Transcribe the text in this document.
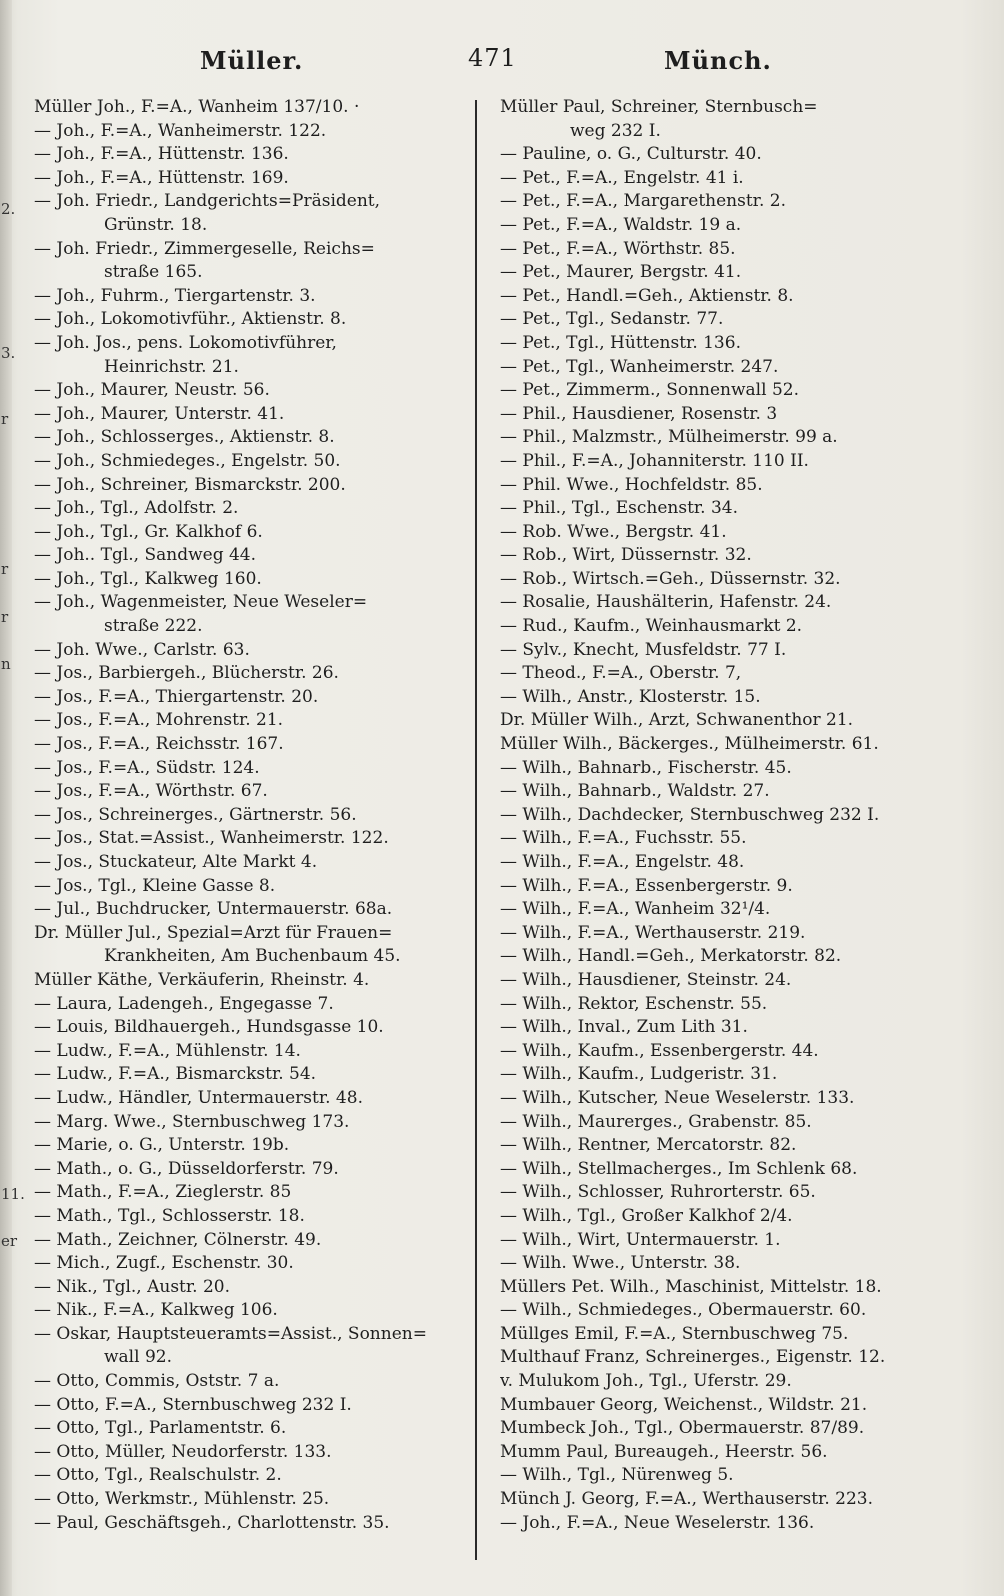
2.
3.
r
r
r
n
11.
er
Müller.	471	Münch.
Müller Joh., F.=A., Wanheim 137/10. ·
— Joh., F.=A., Wanheimerstr. 122.
— Joh., F.=A., Hüttenstr. 136.
— Joh., F.=A., Hüttenstr. 169.
— Joh. Friedr., Landgerichts=Präsident,
Grünstr. 18.
— Joh. Friedr., Zimmergeselle, Reichs=
straße 165.
— Joh., Fuhrm., Tiergartenstr. 3.
— Joh., Lokomotivführ., Aktienstr. 8.
— Joh. Jos., pens. Lokomotivführer,
Heinrichstr. 21.
— Joh., Maurer, Neustr. 56.
— Joh., Maurer, Unterstr. 41.
— Joh., Schlosserges., Aktienstr. 8.
— Joh., Schmiedeges., Engelstr. 50.
— Joh., Schreiner, Bismarckstr. 200.
— Joh., Tgl., Adolfstr. 2.
— Joh., Tgl., Gr. Kalkhof 6.
— Joh.. Tgl., Sandweg 44.
— Joh., Tgl., Kalkweg 160.
— Joh., Wagenmeister, Neue Weseler=
straße 222.
— Joh. Wwe., Carlstr. 63.
— Jos., Barbiergeh., Blücherstr. 26.
— Jos., F.=A., Thiergartenstr. 20.
— Jos., F.=A., Mohrenstr. 21.
— Jos., F.=A., Reichsstr. 167.
— Jos., F.=A., Südstr. 124.
— Jos., F.=A., Wörthstr. 67.
— Jos., Schreinerges., Gärtnerstr. 56.
— Jos., Stat.=Assist., Wanheimerstr. 122.
— Jos., Stuckateur, Alte Markt 4.
— Jos., Tgl., Kleine Gasse 8.
— Jul., Buchdrucker, Untermauerstr. 68a.
Dr. Müller Jul., Spezial=Arzt für Frauen=
Krankheiten, Am Buchenbaum 45.
Müller Käthe, Verkäuferin, Rheinstr. 4.
— Laura, Ladengeh., Engegasse 7.
— Louis, Bildhauergeh., Hundsgasse 10.
— Ludw., F.=A., Mühlenstr. 14.
— Ludw., F.=A., Bismarckstr. 54.
— Ludw., Händler, Untermauerstr. 48.
— Marg. Wwe., Sternbuschweg 173.
— Marie, o. G., Unterstr. 19b.
— Math., o. G., Düsseldorferstr. 79.
— Math., F.=A., Zieglerstr. 85
— Math., Tgl., Schlosserstr. 18.
— Math., Zeichner, Cölnerstr. 49.
— Mich., Zugf., Eschenstr. 30.
— Nik., Tgl., Austr. 20.
— Nik., F.=A., Kalkweg 106.
— Oskar, Hauptsteueramts=Assist., Sonnen=
wall 92.
— Otto, Commis, Oststr. 7 a.
— Otto, F.=A., Sternbuschweg 232 I.
— Otto, Tgl., Parlamentstr. 6.
— Otto, Müller, Neudorferstr. 133.
— Otto, Tgl., Realschulstr. 2.
— Otto, Werkmstr., Mühlenstr. 25.
— Paul, Geschäftsgeh., Charlottenstr. 35.
Müller Paul, Schreiner, Sternbusch=
weg 232 I.
— Pauline, o. G., Culturstr. 40.
— Pet., F.=A., Engelstr. 41 i.
— Pet., F.=A., Margarethenstr. 2.
— Pet., F.=A., Waldstr. 19 a.
— Pet., F.=A., Wörthstr. 85.
— Pet., Maurer, Bergstr. 41.
— Pet., Handl.=Geh., Aktienstr. 8.
— Pet., Tgl., Sedanstr. 77.
— Pet., Tgl., Hüttenstr. 136.
— Pet., Tgl., Wanheimerstr. 247.
— Pet., Zimmerm., Sonnenwall 52.
— Phil., Hausdiener, Rosenstr. 3
— Phil., Malzmstr., Mülheimerstr. 99 a.
— Phil., F.=A., Johanniterstr. 110 II.
— Phil. Wwe., Hochfeldstr. 85.
— Phil., Tgl., Eschenstr. 34.
— Rob. Wwe., Bergstr. 41.
— Rob., Wirt, Düssernstr. 32.
— Rob., Wirtsch.=Geh., Düssernstr. 32.
— Rosalie, Haushälterin, Hafenstr. 24.
— Rud., Kaufm., Weinhausmarkt 2.
— Sylv., Knecht, Musfeldstr. 77 I.
— Theod., F.=A., Oberstr. 7,
— Wilh., Anstr., Klosterstr. 15.
Dr. Müller Wilh., Arzt, Schwanenthor 21.
Müller Wilh., Bäckerges., Mülheimerstr. 61.
— Wilh., Bahnarb., Fischerstr. 45.
— Wilh., Bahnarb., Waldstr. 27.
— Wilh., Dachdecker, Sternbuschweg 232 I.
— Wilh., F.=A., Fuchsstr. 55.
— Wilh., F.=A., Engelstr. 48.
— Wilh., F.=A., Essenbergerstr. 9.
— Wilh., F.=A., Wanheim 32¹/4.
— Wilh., F.=A., Werthauserstr. 219.
— Wilh., Handl.=Geh., Merkatorstr. 82.
— Wilh., Hausdiener, Steinstr. 24.
— Wilh., Rektor, Eschenstr. 55.
— Wilh., Inval., Zum Lith 31.
— Wilh., Kaufm., Essenbergerstr. 44.
— Wilh., Kaufm., Ludgeristr. 31.
— Wilh., Kutscher, Neue Weselerstr. 133.
— Wilh., Maurerges., Grabenstr. 85.
— Wilh., Rentner, Mercatorstr. 82.
— Wilh., Stellmacherges., Im Schlenk 68.
— Wilh., Schlosser, Ruhrorterstr. 65.
— Wilh., Tgl., Großer Kalkhof 2/4.
— Wilh., Wirt, Untermauerstr. 1.
— Wilh. Wwe., Unterstr. 38.
Müllers Pet. Wilh., Maschinist, Mittelstr. 18.
— Wilh., Schmiedeges., Obermauerstr. 60.
Müllges Emil, F.=A., Sternbuschweg 75.
Multhauf Franz, Schreinerges., Eigenstr. 12.
v. Mulukom Joh., Tgl., Uferstr. 29.
Mumbauer Georg, Weichenst., Wildstr. 21.
Mumbeck Joh., Tgl., Obermauerstr. 87/89.
Mumm Paul, Bureaugeh., Heerstr. 56.
— Wilh., Tgl., Nürenweg 5.
Münch J. Georg, F.=A., Werthauserstr. 223.
— Joh., F.=A., Neue Weselerstr. 136.
